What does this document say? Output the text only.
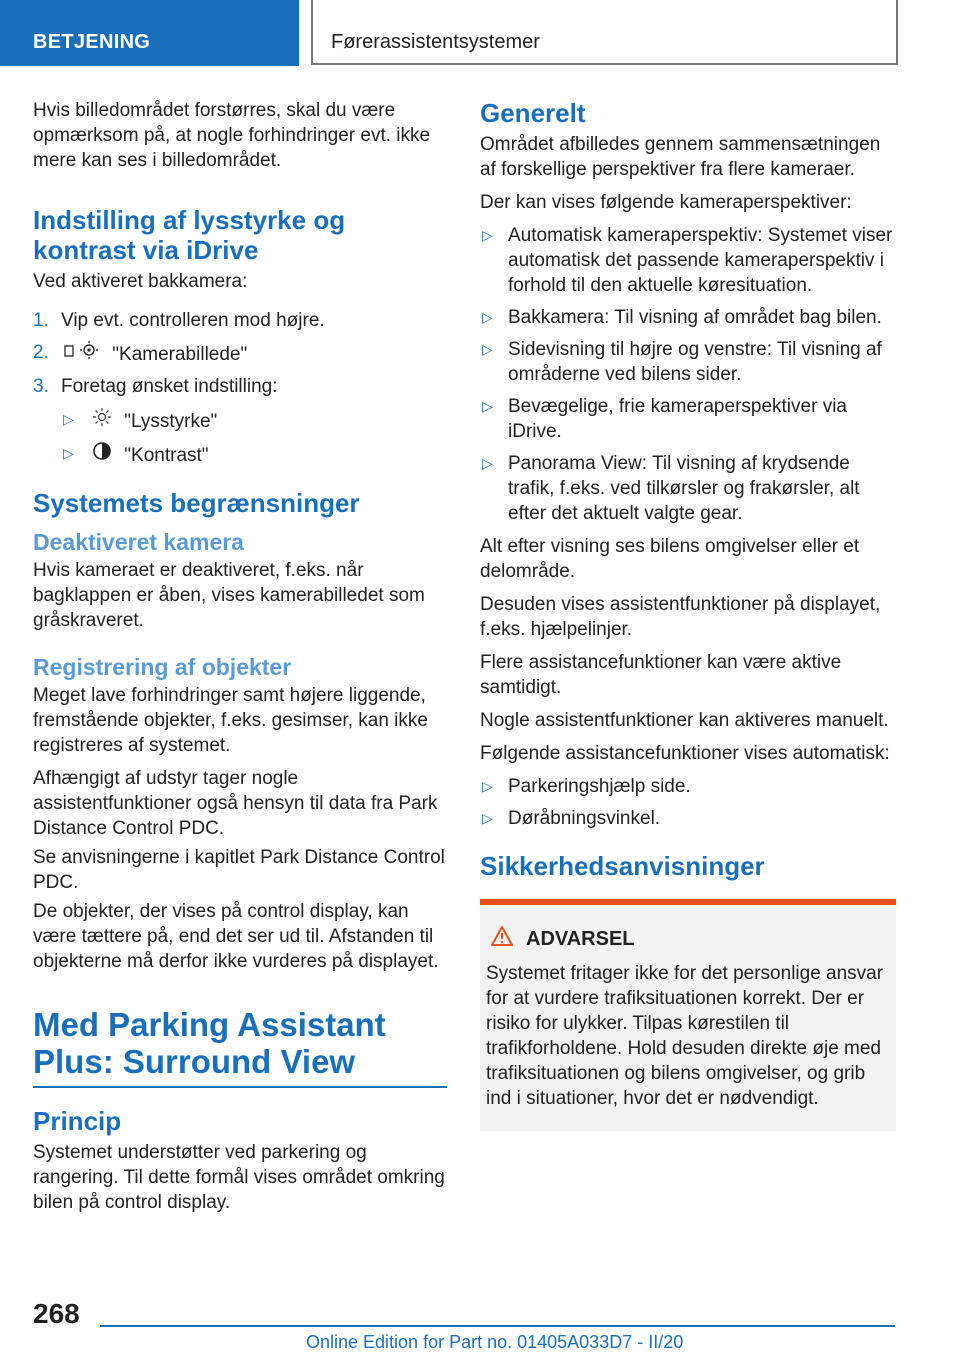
BETJENING	Førerassistentsystemer

Hvis billedområdet forstørres, skal du være opmærksom på, at nogle forhindringer evt. ikke mere kan ses i billedområdet.

Indstilling af lysstyrke og kontrast via iDrive

Ved aktiveret bakkamera:

1. Vip evt. controlleren mod højre.
2.	"Kamerabillede"
3. Foretag ønsket indstilling:
▷	"Lysstyrke"
▷	"Kontrast"
Systemets begrænsninger
Deaktiveret kamera

Hvis kameraet er deaktiveret, f.eks. når bagklappen er åben, vises kamerabilledet som gråskraveret.

Registrering af objekter

Meget lave forhindringer samt højere liggende, fremstående objekter, f.eks. gesimser, kan ikke registreres af systemet.

Afhængigt af udstyr tager nogle assistentfunktioner også hensyn til data fra Park Distance Control PDC.

Se anvisningerne i kapitlet Park Distance Control PDC.

De objekter, der vises på control display, kan være tættere på, end det ser ud til. Afstanden til objekterne må derfor ikke vurderes på displayet.

Med Parking Assistant Plus: Surround View
Princip

Systemet understøtter ved parkering og rangering. Til dette formål vises området omkring bilen på control display.

Generelt

Området afbilledes gennem sammensætningen af forskellige perspektiver fra flere kameraer.

Der kan vises følgende kameraperspektiver:

▷ Automatisk kameraperspektiv: Systemet viser automatisk det passende kameraperspektiv i forhold til den aktuelle køresituation.
▷ Bakkamera: Til visning af området bag bilen.
▷ Sidevisning til højre og venstre: Til visning af områderne ved bilens sider.
▷ Bevægelige, frie kameraperspektiver via iDrive.
▷ Panorama View: Til visning af krydsende trafik, f.eks. ved tilkørsler og frakørsler, alt efter det aktuelt valgte gear.

Alt efter visning ses bilens omgivelser eller et delområde.

Desuden vises assistentfunktioner på displayet, f.eks. hjælpelinjer.

Flere assistancefunktioner kan være aktive samtidigt.

Nogle assistentfunktioner kan aktiveres manuelt.

Følgende assistancefunktioner vises automatisk:

▷ Parkeringshjælp side.
▷ Døråbningsvinkel.
Sikkerhedsanvisninger
ADVARSEL

Systemet fritager ikke for det personlige ansvar for at vurdere trafiksituationen korrekt. Der er risiko for ulykker. Tilpas kørestilen til trafikforholdene. Hold desuden direkte øje med trafiksituationen og bilens omgivelser, og grib ind i situationer, hvor det er nødvendigt.

268
Online Edition for Part no. 01405A033D7 - II/20
